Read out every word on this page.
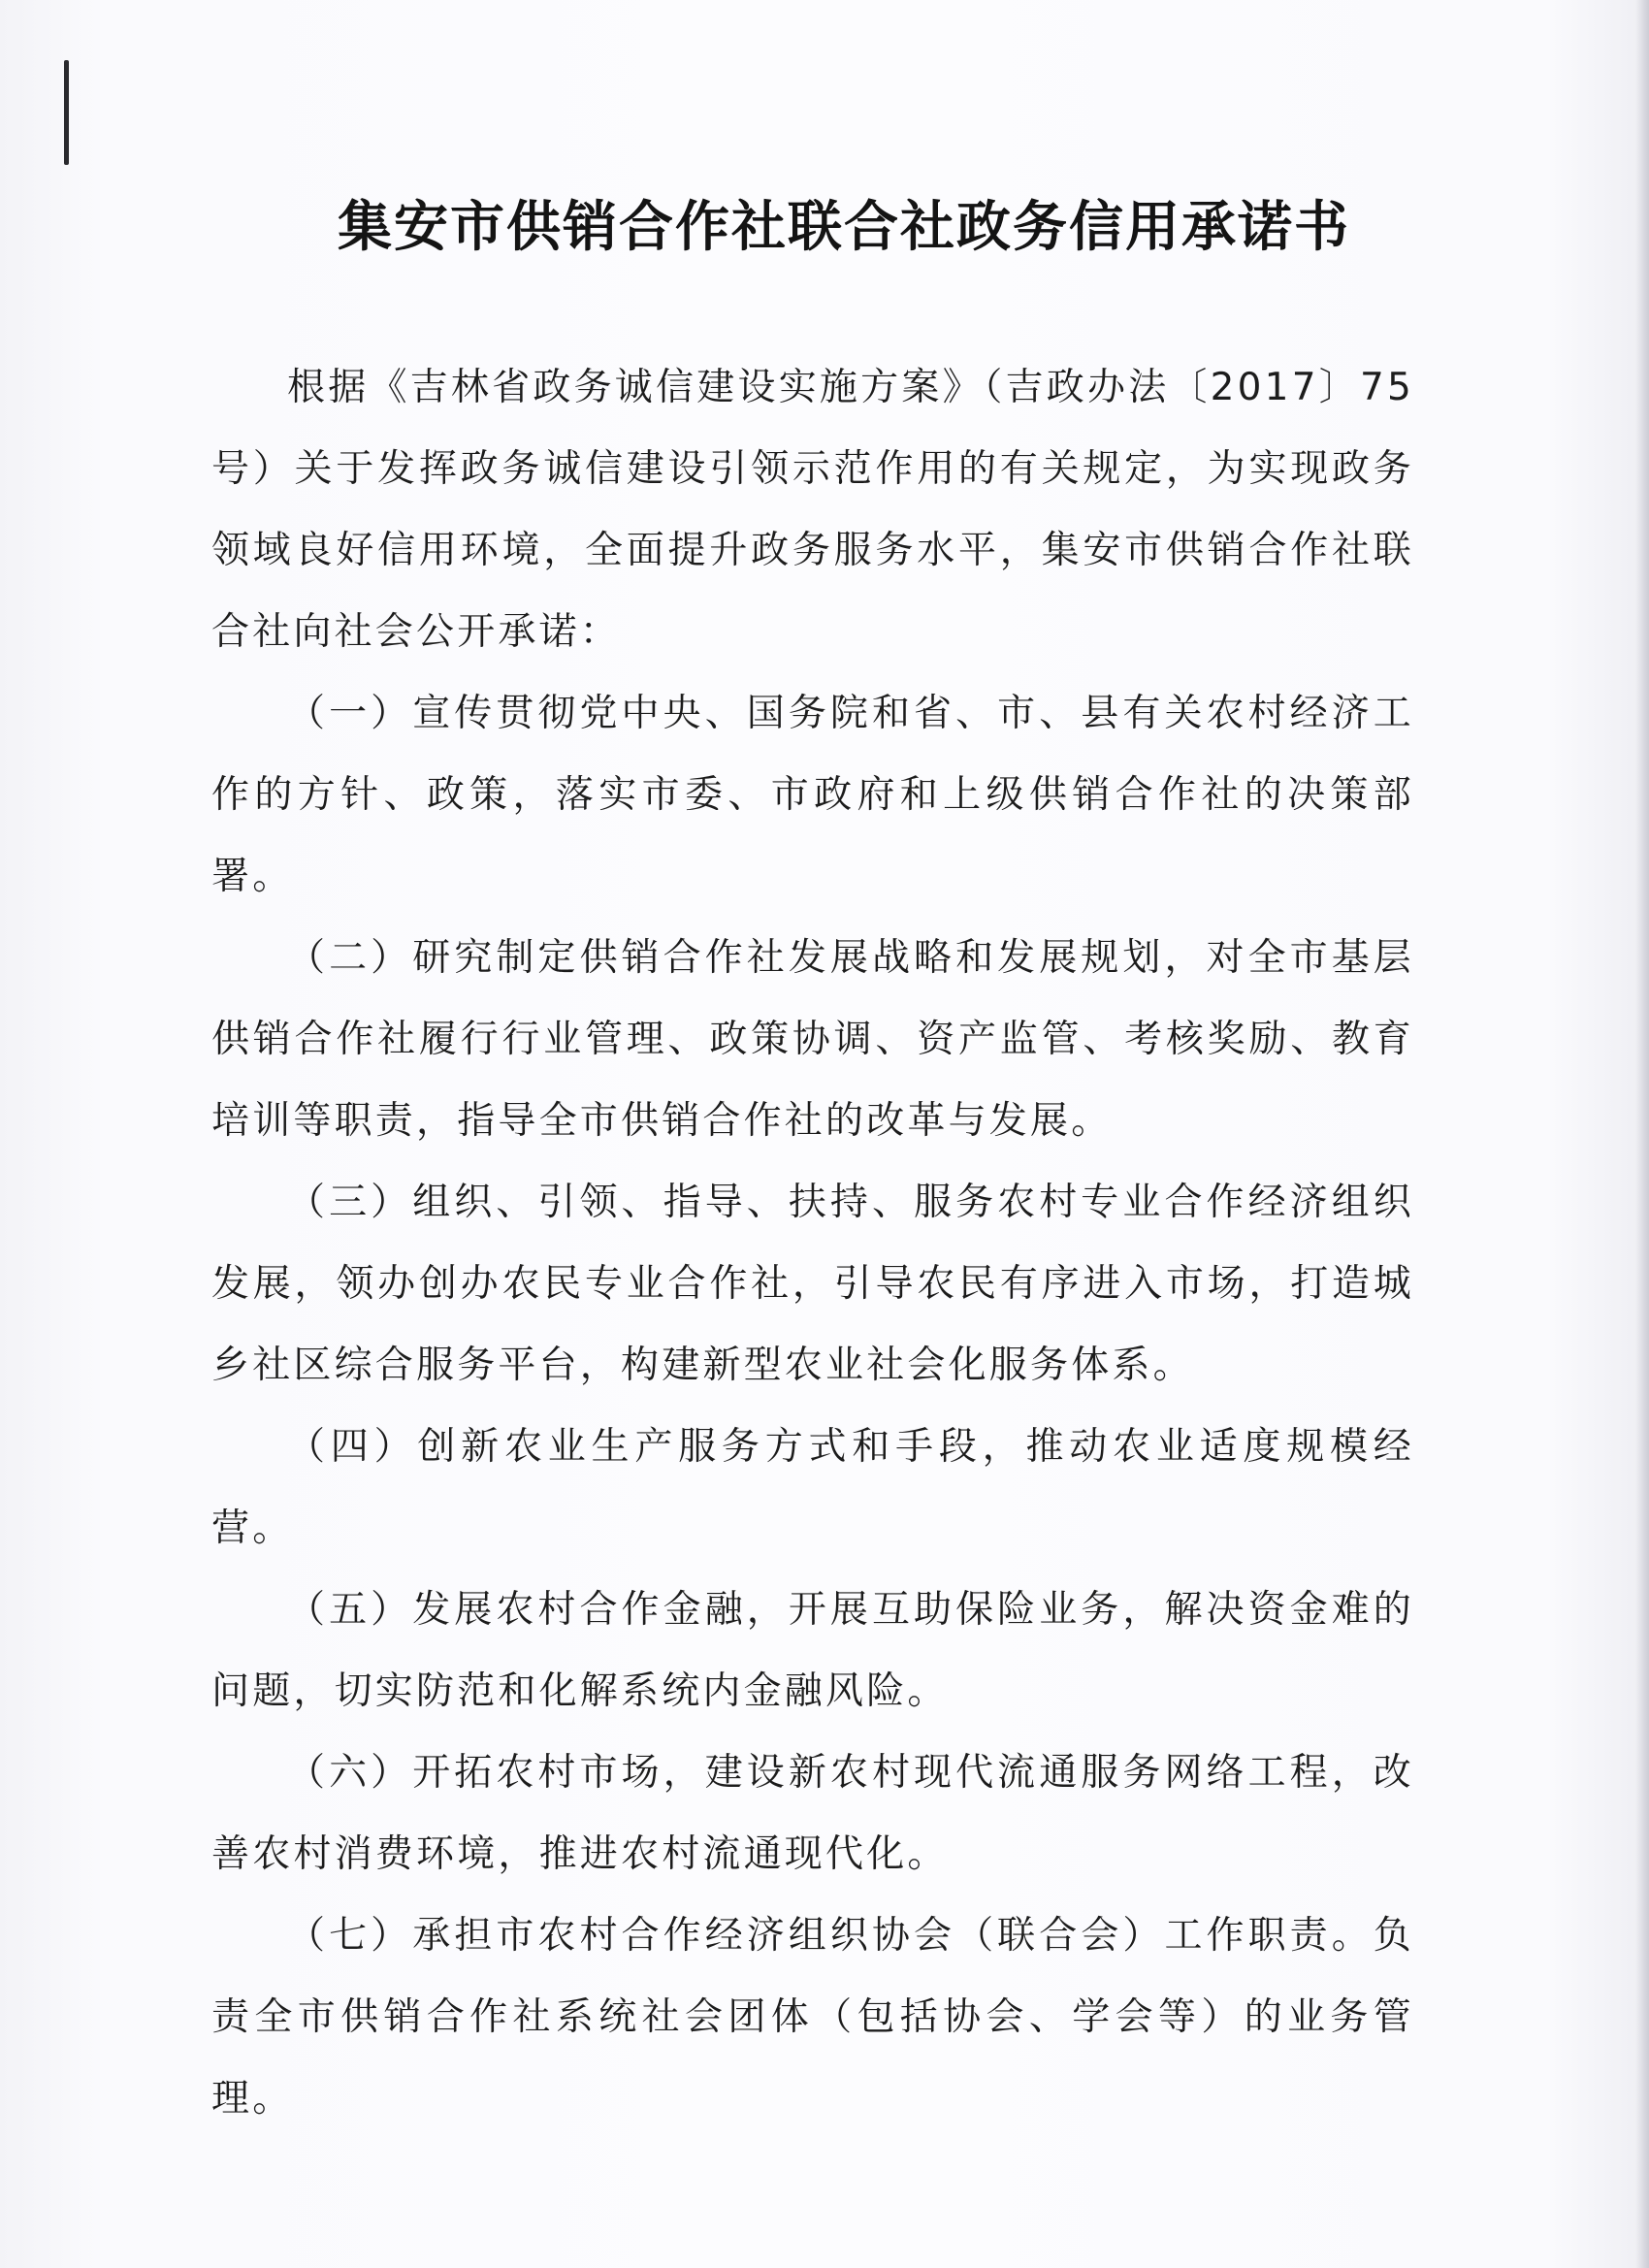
集安市供销合作社联合社政务信用承诺书

根据《吉林省政务诚信建设实施方案》（吉政办法〔2017〕75 号）关于发挥政务诚信建设引领示范作用的有关规定，为实现政务领域良好信用环境，全面提升政务服务水平，集安市供销合作社联合社向社会公开承诺：

（一）宣传贯彻党中央、国务院和省、市、县有关农村经济工作的方针、政策，落实市委、市政府和上级供销合作社的决策部署。

（二）研究制定供销合作社发展战略和发展规划，对全市基层供销合作社履行行业管理、政策协调、资产监管、考核奖励、教育培训等职责，指导全市供销合作社的改革与发展。

（三）组织、引领、指导、扶持、服务农村专业合作经济组织发展，领办创办农民专业合作社，引导农民有序进入市场，打造城乡社区综合服务平台，构建新型农业社会化服务体系。

（四）创新农业生产服务方式和手段，推动农业适度规模经营。

（五）发展农村合作金融，开展互助保险业务，解决资金难的问题，切实防范和化解系统内金融风险。

（六）开拓农村市场，建设新农村现代流通服务网络工程，改善农村消费环境，推进农村流通现代化。

（七）承担市农村合作经济组织协会（联合会）工作职责。负责全市供销合作社系统社会团体（包括协会、学会等）的业务管理。
